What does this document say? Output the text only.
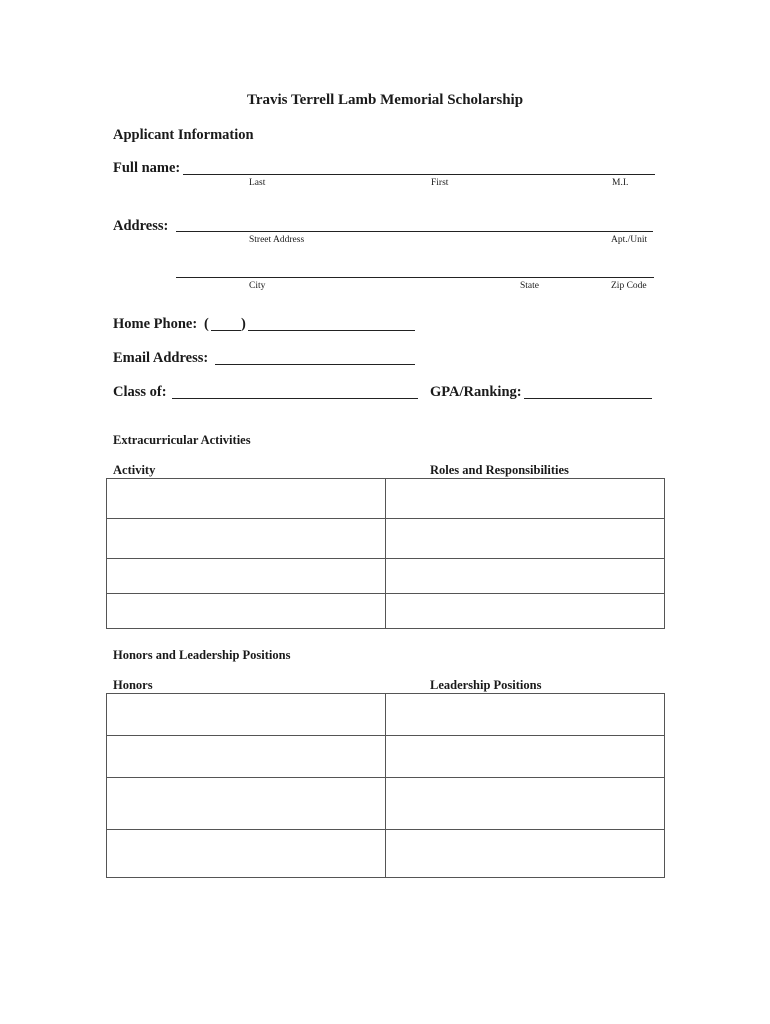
Travis Terrell Lamb Memorial Scholarship
Applicant Information
Full name:
Last	First	M.I.
Address:
Street Address	Apt./Unit
City	State	Zip Code
Home Phone: ( )
Email Address:
Class of:	GPA/Ranking:
Extracurricular Activities
Activity	Roles and Responsibilities

Honors and Leadership Positions
Honors	Leadership Positions
